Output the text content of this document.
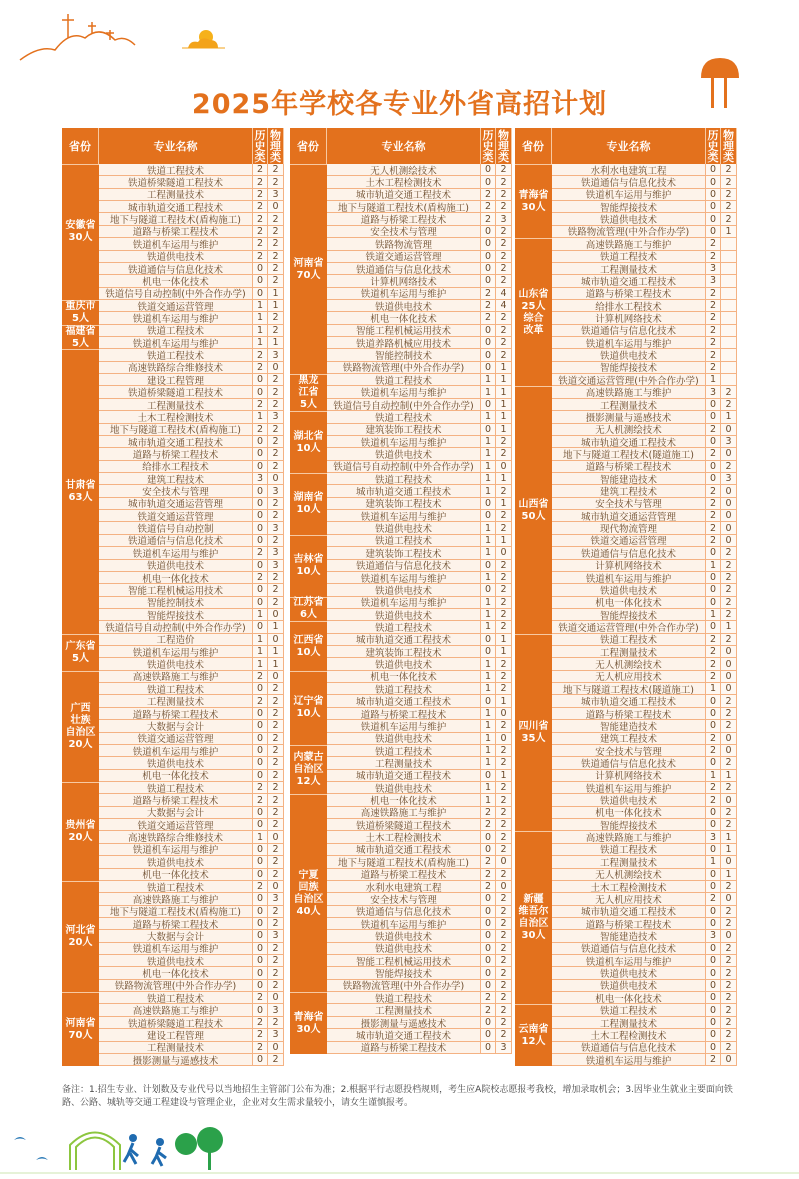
2025年学校各专业外省高招计划
省份	专业名称
历史类
物理类
安徽省
30人
铁道工程技术	2 2
铁道桥梁隧道工程技术	2 2
工程测量技术	2 3
城市轨道交通工程技术	2 0
地下与隧道工程技术(盾构施工)	2 2
道路与桥梁工程技术	2 2
铁道机车运用与维护	2 2
铁道供电技术	2 2
铁道通信与信息化技术	0 2
机电一体化技术	0 2
铁道信号自动控制(中外合作办学)	0 1
重庆市
5人
铁道交通运营管理	1 1
铁道机车运用与维护	1 2
福建省
5人
铁道工程技术	1 2
铁道机车运用与维护	1 1
甘肃省
63人
铁道工程技术	2 3
高速铁路综合维修技术	2 0
建设工程管理	0 2
铁道桥梁隧道工程技术	0 2
工程测量技术	2 2
土木工程检测技术	1 3
地下与隧道工程技术(盾构施工)	2 2
城市轨道交通工程技术	0 2
道路与桥梁工程技术	0 2
给排水工程技术	0 2
建筑工程技术	3 0
安全技术与管理	0 3
城市轨道交通运营管理	0 2
铁道交通运营管理	0 2
铁道信号自动控制	0 3
铁道通信与信息化技术	0 2
铁道机车运用与维护	2 3
铁道供电技术	0 3
机电一体化技术	2 2
智能工程机械运用技术	0 2
智能控制技术	0 2
智能焊接技术	1 0
铁道信号自动控制(中外合作办学)	0 1
广东省
5人
工程造价	1 0
铁道机车运用与维护	1 1
铁道供电技术	1 1
广西
壮族
自治区
20人
高速铁路施工与维护	2 0
铁道工程技术	0 2
工程测量技术	2 2
道路与桥梁工程技术	0 2
大数据与会计	0 2
铁道交通运营管理	0 2
铁道机车运用与维护	0 2
铁道供电技术	0 2
机电一体化技术	0 2
贵州省
20人
铁道工程技术	2 2
道路与桥梁工程技术	2 2
大数据与会计	0 2
铁道交通运营管理	0 2
高速铁路综合维修技术	1 0
铁道机车运用与维护	0 2
铁道供电技术	0 2
机电一体化技术	0 2
河北省
20人
铁道工程技术	2 0
高速铁路施工与维护	0 3
地下与隧道工程技术(盾构施工)	0 2
道路与桥梁工程技术	0 2
大数据与会计	0 3
铁道机车运用与维护	0 2
铁道供电技术	0 2
机电一体化技术	0 2
铁路物流管理(中外合作办学)	0 2
河南省
70人
铁道工程技术	2 0
高速铁路施工与维护	0 3
铁道桥梁隧道工程技术	2 2
建设工程管理	2 3
工程测量技术	2 0
摄影测量与遥感技术	0 2
省份	专业名称
历史类
物理类
河南省
70人
无人机测绘技术	0 2
土木工程检测技术	0 2
城市轨道交通工程技术	2 2
地下与隧道工程技术(盾构施工)	2 2
道路与桥梁工程技术	2 3
安全技术与管理	0 2
铁路物流管理	0 2
铁道交通运营管理	0 2
铁道通信与信息化技术	0 2
计算机网络技术	0 2
铁道机车运用与维护	2 4
铁道供电技术	2 4
机电一体化技术	2 2
智能工程机械运用技术	0 2
铁道养路机械应用技术	0 2
智能控制技术	0 2
铁路物流管理(中外合作办学)	0 1
黑龙
江省
5人
铁道工程技术	1 1
铁道机车运用与维护	1 1
铁道信号自动控制(中外合作办学)	0 1
湖北省
10人
铁道工程技术	1 1
建筑装饰工程技术	0 1
铁道机车运用与维护	1 2
铁道供电技术	1 2
铁道信号自动控制(中外合作办学)	1 0
湖南省
10人
铁道工程技术	1 1
城市轨道交通工程技术	1 2
建筑装饰工程技术	0 1
铁道机车运用与维护	0 2
铁道供电技术	1 2
吉林省
10人
铁道工程技术	1 1
建筑装饰工程技术	1 0
铁道通信与信息化技术	0 2
铁道机车运用与维护	1 2
铁道供电技术	0 2
江苏省
6人
铁道机车运用与维护	1 2
铁道供电技术	1 2
江西省
10人
铁道工程技术	1 2
城市轨道交通工程技术	0 1
建筑装饰工程技术	0 1
铁道供电技术	1 2
辽宁省
10人
机电一体化技术	1 2
铁道工程技术	1 2
城市轨道交通工程技术	0 1
道路与桥梁工程技术	1 0
铁道机车运用与维护	1 2
铁道供电技术	1 0
内蒙古
自治区
12人
铁道工程技术	1 2
工程测量技术	1 2
城市轨道交通工程技术	0 1
铁道供电技术	1 2
宁夏
回族
自治区
40人
机电一体化技术	1 2
高速铁路施工与维护	2 2
铁道桥梁隧道工程技术	2 2
土木工程检测技术	0 2
城市轨道交通工程技术	0 2
地下与隧道工程技术(盾构施工)	2 0
道路与桥梁工程技术	2 2
水利水电建筑工程	2 0
安全技术与管理	0 2
铁道通信与信息化技术	0 2
铁道机车运用与维护	0 2
铁道供电技术	0 2
铁道供电技术	0 2
智能工程机械运用技术	0 2
智能焊接技术	0 2
铁路物流管理(中外合作办学)	0 2
青海省
30人
铁道工程技术	2 2
工程测量技术	2 2
摄影测量与遥感技术	0 2
城市轨道交通工程技术	0 2
道路与桥梁工程技术	0 3
省份	专业名称
历史类
物理类
青海省
30人
水利水电建筑工程	0 2
铁道通信与信息化技术	0 2
铁道机车运用与维护	0 2
智能焊接技术	0 2
铁道供电技术	0 2
铁路物流管理(中外合作办学)	0 1
山东省
25人
综合
改革
高速铁路施工与维护	2
铁道工程技术	2
工程测量技术	3
城市轨道交通工程技术	3
道路与桥梁工程技术	2
给排水工程技术	2
计算机网络技术	2
铁道通信与信息化技术	2
铁道机车运用与维护	2
铁道供电技术	2
智能焊接技术	2
铁道交通运营管理(中外合作办学)	1
山西省
50人
高速铁路施工与维护	3 2
工程测量技术	0 2
摄影测量与遥感技术	0 1
无人机测绘技术	2 0
城市轨道交通工程技术	0 3
地下与隧道工程技术(隧道施工)	2 0
道路与桥梁工程技术	0 2
智能建造技术	0 3
建筑工程技术	2 0
安全技术与管理	2 0
城市轨道交通运营管理	2 0
现代物流管理	2 0
铁道交通运营管理	2 0
铁道通信与信息化技术	0 2
计算机网络技术	1 2
铁道机车运用与维护	0 2
铁道供电技术	0 2
机电一体化技术	0 2
智能焊接技术	1 2
铁道交通运营管理(中外合作办学)	0 1
四川省
35人
铁道工程技术	2 2
工程测量技术	2 0
无人机测绘技术	2 0
无人机应用技术	2 0
地下与隧道工程技术(隧道施工)	1 0
城市轨道交通工程技术	0 2
道路与桥梁工程技术	0 2
智能建造技术	0 2
建筑工程技术	2 0
安全技术与管理	2 0
铁道通信与信息化技术	0 2
计算机网络技术	1 1
铁道机车运用与维护	2 2
铁道供电技术	2 0
机电一体化技术	0 2
智能焊接技术	0 2
新疆
维吾尔
自治区
30人
高速铁路施工与维护	3 1
铁道工程技术	0 1
工程测量技术	1 0
无人机测绘技术	0 1
土木工程检测技术	0 2
无人机应用技术	2 0
城市轨道交通工程技术	0 2
道路与桥梁工程技术	0 2
智能建造技术	3 0
铁道通信与信息化技术	0 2
铁道机车运用与维护	0 2
铁道供电技术	0 2
铁道供电技术	0 2
机电一体化技术	0 2
云南省
12人
铁道工程技术	0 2
工程测量技术	0 2
土木工程检测技术	0 2
铁道通信与信息化技术	0 2
铁道机车运用与维护	2 0
备注：1.招生专业、计划数及专业代号以当地招生主管部门公布为准；2.根据平行志愿投档规则，考生应A院校志愿报考我校，增加录取机会；3.因毕业生就业主要面向铁路、公路、城轨等交通工程建设与管理企业，企业对女生需求量较小，请女生谨慎报考。
